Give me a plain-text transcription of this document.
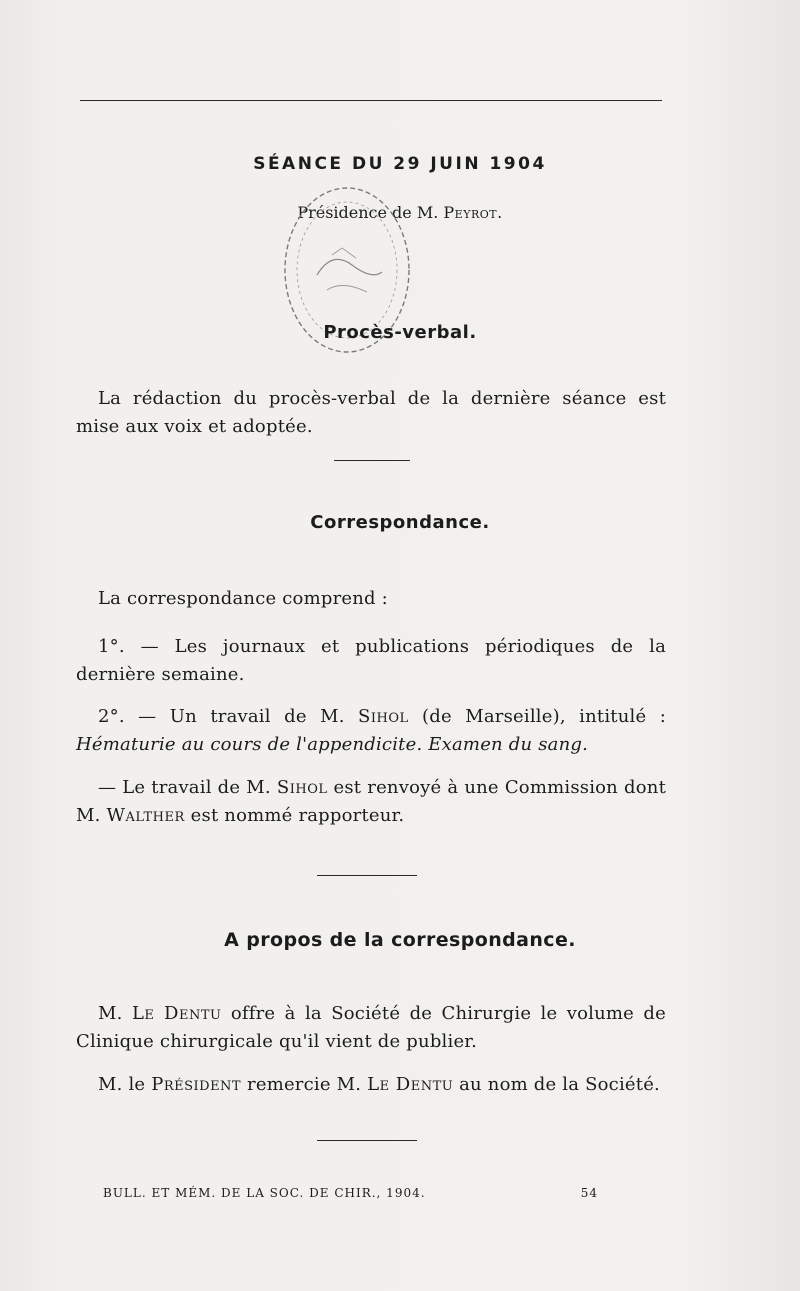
SÉANCE DU 29 JUIN 1904
Présidence de M. Peyrot.
Procès-verbal.
La rédaction du procès-verbal de la dernière séance est mise aux voix et adoptée.
Correspondance.
La correspondance comprend :
1°. — Les journaux et publications périodiques de la dernière semaine.
2°. — Un travail de M. Sihol (de Marseille), intitulé : Hématurie au cours de l'appendicite. Examen du sang.
— Le travail de M. Sihol est renvoyé à une Commission dont M. Walther est nommé rapporteur.
A propos de la correspondance.
M. Le Dentu offre à la Société de Chirurgie le volume de Clinique chirurgicale qu'il vient de publier.
M. le Président remercie M. Le Dentu au nom de la Société.
BULL. ET MÉM. DE LA SOC. DE CHIR., 1904.	54
